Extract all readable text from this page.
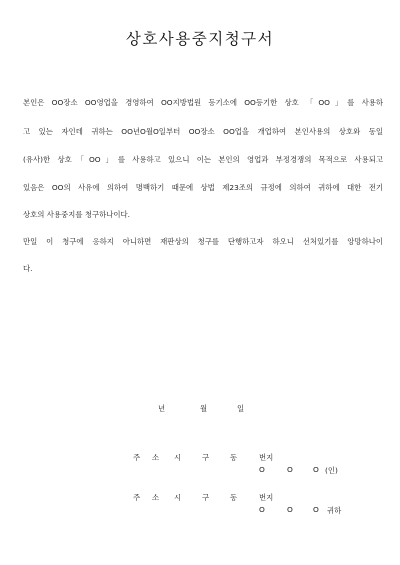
상호사용중지청구서
본인은 OO장소 OO영업을 경영하여 OO지방법원 등기소에 OO등기한 상호 「OO」를 사용하
고 있는 자인데 귀하는 OO년O월O일부터 OO장소 OO업을 개업하여 본인사용의 상호와 동일
(유사)한 상호「OO」를 사용하고 있으니 이는 본인의 영업과 부정경쟁의 목적으로 사용되고
있음은 OO의 사유에 의하여 명백하기 때문에 상법 제23조의 규정에 의하여 귀하에 대한 전기
상호의 사용중지를 청구하나이다.
만일 이 청구에 응하지 아니하면 재판상의 청구를 단행하고자 하오니 선처있기를 앙망하나이
다.
년	월	일
주 소 시	구	동	번지
O	O	O (인)
주 소 시	구	동	번지
O	O	O 귀하
